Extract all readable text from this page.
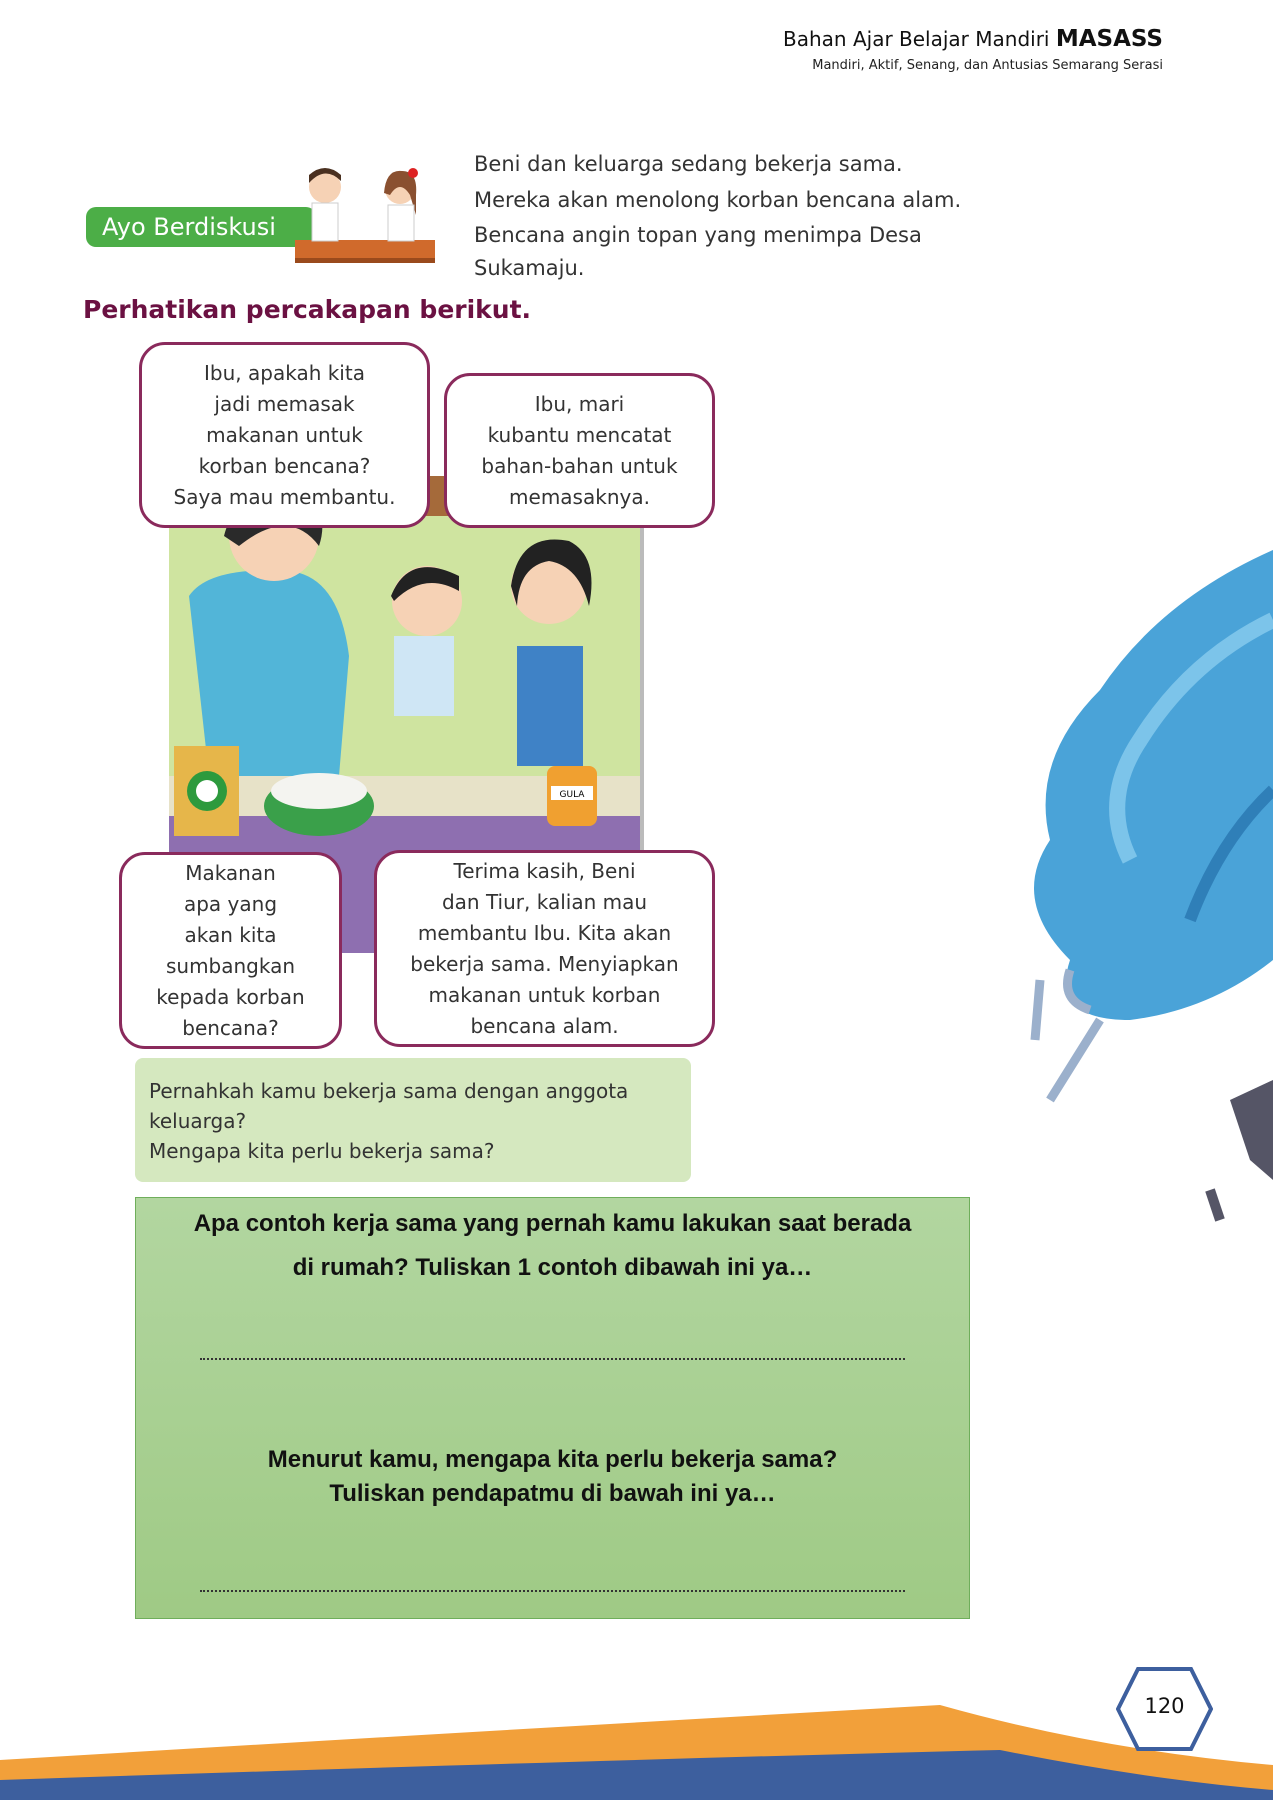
Bahan Ajar Belajar Mandiri MASASS
Mandiri, Aktif, Senang, dan Antusias Semarang Serasi
Ayo Berdiskusi
Beni dan keluarga sedang bekerja sama.
Mereka akan menolong korban bencana alam.
Bencana angin topan yang menimpa Desa
Sukamaju.
Perhatikan percakapan berikut.
GULA
Ibu, apakah kita
jadi memasak
makanan untuk
korban bencana?
Saya mau membantu.
Ibu, mari
kubantu mencatat
bahan-bahan untuk
memasaknya.
Makanan
apa yang
akan kita
sumbangkan
kepada korban
bencana?
Terima kasih, Beni
dan Tiur, kalian mau
membantu Ibu. Kita akan
bekerja sama. Menyiapkan
makanan untuk korban
bencana alam.
Pernahkah kamu bekerja sama dengan anggota
keluarga?
Mengapa kita perlu bekerja sama?
Apa contoh kerja sama yang pernah kamu lakukan saat berada
di rumah? Tuliskan 1 contoh dibawah ini ya…
Menurut kamu, mengapa kita perlu bekerja sama?
Tuliskan pendapatmu di bawah ini ya…
120
